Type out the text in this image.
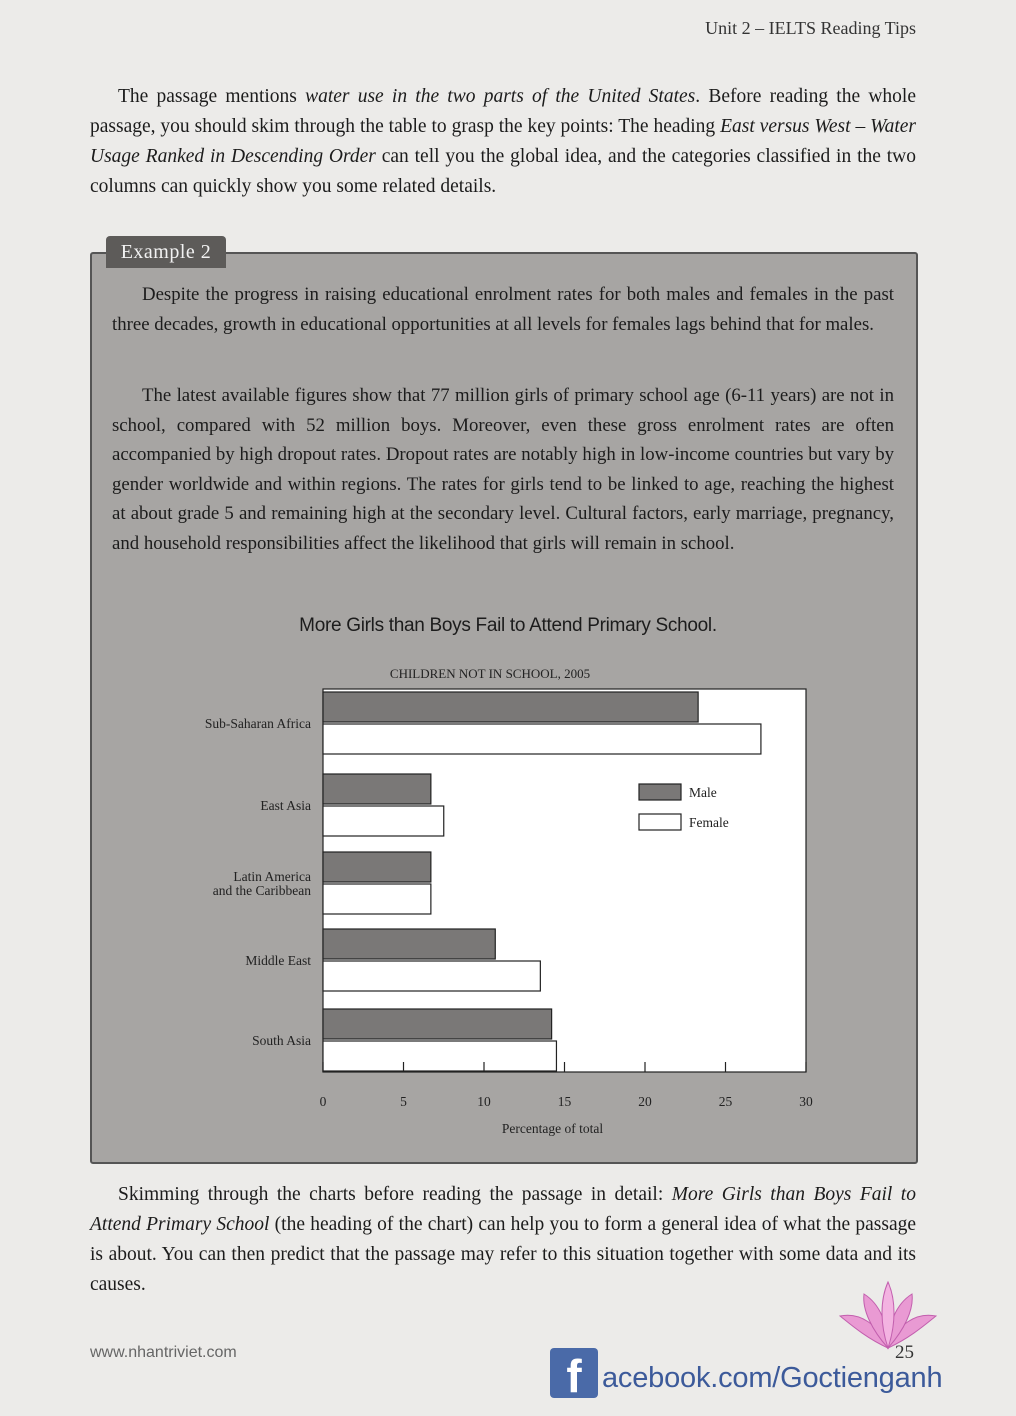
Unit 2 – IELTS Reading Tips

The passage mentions water use in the two parts of the United States. Before reading the whole passage, you should skim through the table to grasp the key points: The heading East versus West – Water Usage Ranked in Descending Order can tell you the global idea, and the categories classified in the two columns can quickly show you some related details.

Example 2

Despite the progress in raising educational enrolment rates for both males and females in the past three decades, growth in educational opportunities at all levels for females lags behind that for males.

The latest available figures show that 77 million girls of primary school age (6-11 years) are not in school, compared with 52 million boys. Moreover, even these gross enrolment rates are often accompanied by high dropout rates. Dropout rates are notably high in low-income countries but vary by gender worldwide and within regions. The rates for girls tend to be linked to age, reaching the highest at about grade 5 and remaining high at the secondary level. Cultural factors, early marriage, pregnancy, and household responsibilities affect the likelihood that girls will remain in school.

More Girls than Boys Fail to Attend Primary School.
CHILDREN NOT IN SCHOOL, 2005
Sub-Saharan Africa
East Asia
Latin America
and the Caribbean
Middle East
South Asia
0	5	10	15	20	25	30
Percentage of total
Male
Female

Skimming through the charts before reading the passage in detail: More Girls than Boys Fail to Attend Primary School (the heading of the chart) can help you to form a general idea of what the passage is about. You can then predict that the passage may refer to this situation together with some data and its causes.

www.nhantriviet.com	25
f acebook.com/Goctienganh
